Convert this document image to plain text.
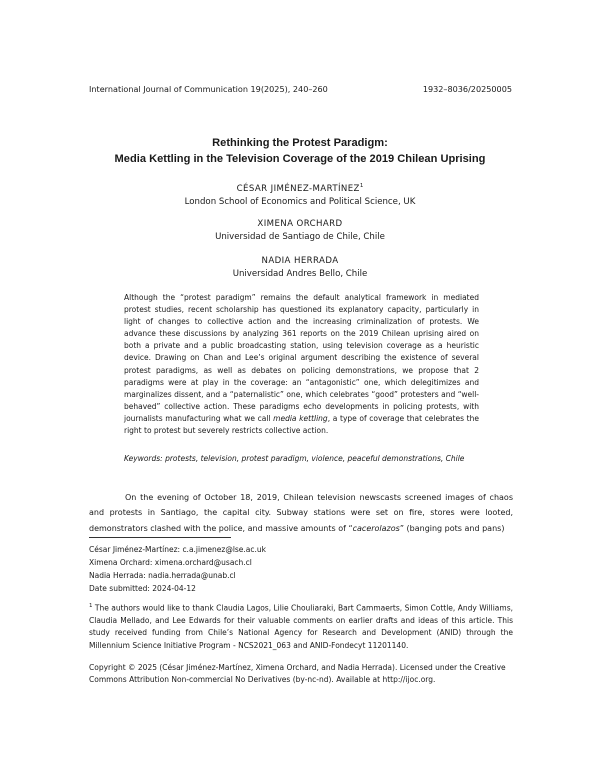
International Journal of Communication 19(2025), 240–260	1932–8036/20250005
Rethinking the Protest Paradigm:
Media Kettling in the Television Coverage of the 2019 Chilean Uprising
CÉSAR JIMÉNEZ-MARTÍNEZ$^1$
London School of Economics and Political Science, UK
XIMENA ORCHARD
Universidad de Santiago de Chile, Chile
NADIA HERRADA
Universidad Andres Bello, Chile
Although the “protest paradigm” remains the default analytical framework in mediated protest studies, recent scholarship has questioned its explanatory capacity, particularly in light of changes to collective action and the increasing criminalization of protests. We advance these discussions by analyzing 361 reports on the 2019 Chilean uprising aired on both a private and a public broadcasting station, using television coverage as a heuristic device. Drawing on Chan and Lee’s original argument describing the existence of several protest paradigms, as well as debates on policing demonstrations, we propose that 2 paradigms were at play in the coverage: an “antagonistic” one, which delegitimizes and marginalizes dissent, and a “paternalistic” one, which celebrates “good” protesters and “well-behaved” collective action. These paradigms echo developments in policing protests, with journalists manufacturing what we call media kettling, a type of coverage that celebrates the right to protest but severely restricts collective action.
Keywords: protests, television, protest paradigm, violence, peaceful demonstrations, Chile
On the evening of October 18, 2019, Chilean television newscasts screened images of chaos and protests in Santiago, the capital city. Subway stations were set on fire, stores were looted, demonstrators clashed with the police, and massive amounts of “cacerolazos” (banging pots and pans)
César Jiménez-Martínez: c.a.jimenez@lse.ac.uk
Ximena Orchard: ximena.orchard@usach.cl
Nadia Herrada: nadia.herrada@unab.cl
Date submitted: 2024-04-12
$^1$ The authors would like to thank Claudia Lagos, Lilie Chouliaraki, Bart Cammaerts, Simon Cottle, Andy Williams, Claudia Mellado, and Lee Edwards for their valuable comments on earlier drafts and ideas of this article. This study received funding from Chile’s National Agency for Research and Development (ANID) through the Millennium Science Initiative Program - NCS2021_063 and ANID-Fondecyt 11201140.
Copyright © 2025 (César Jiménez-Martínez, Ximena Orchard, and Nadia Herrada). Licensed under the Creative Commons Attribution Non-commercial No Derivatives (by-nc-nd). Available at http://ijoc.org.
